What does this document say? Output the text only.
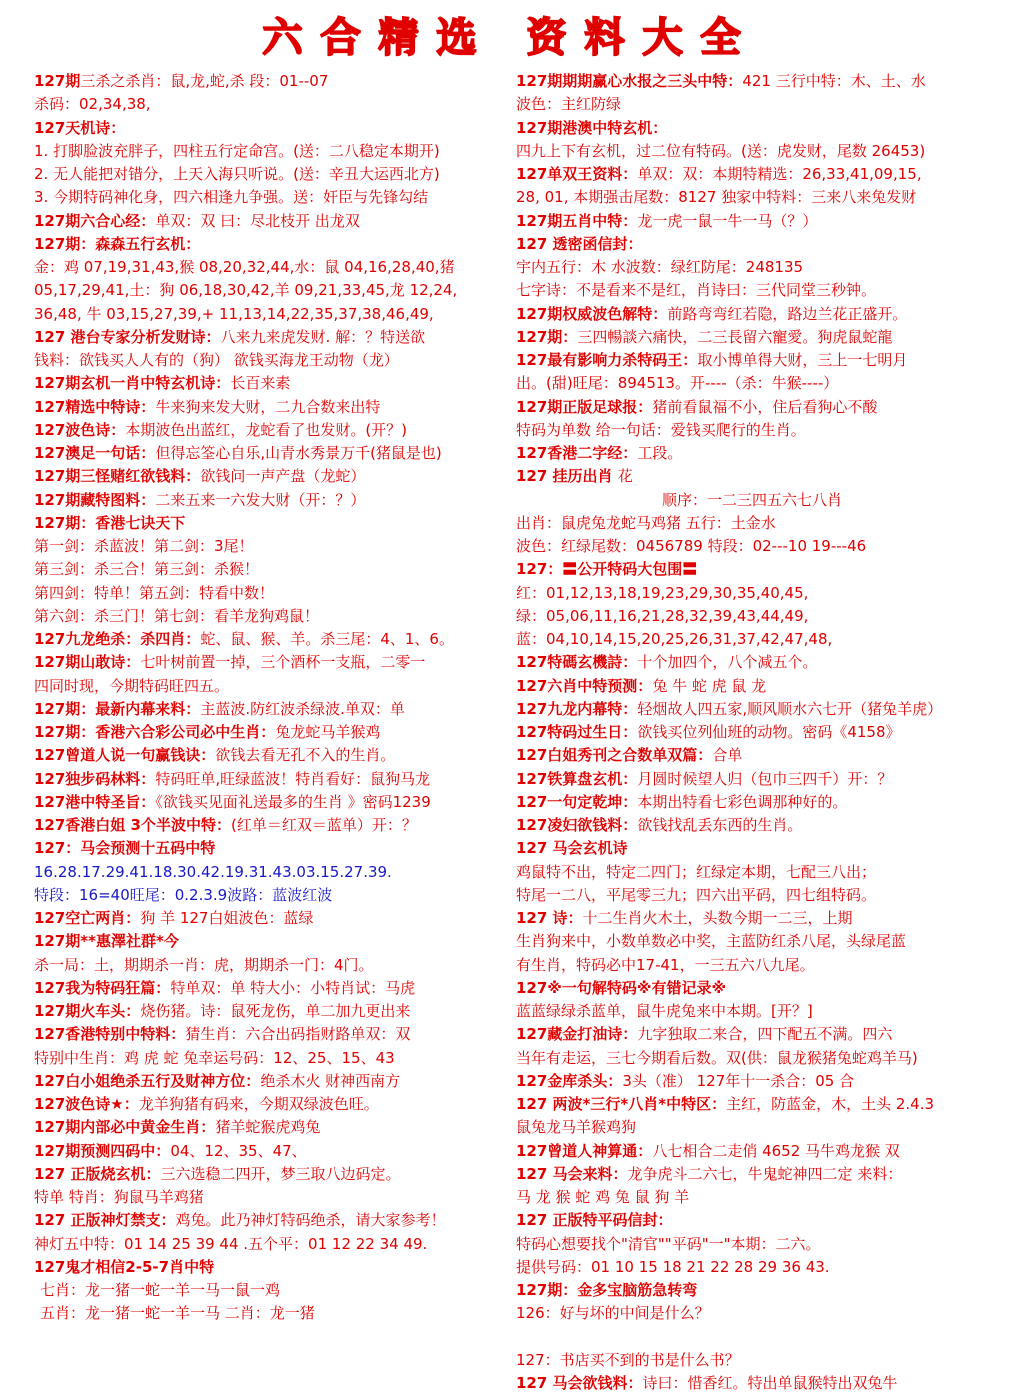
六合精选 资料大全
127期三杀之杀肖：鼠,龙,蛇,杀 段：01--07
杀码：02,34,38,
127天机诗：
1. 打脚脸波充胖子，四柱五行定命宫。(送：二八稳定本期开)
2. 无人能把对错分，上天入海只听说。(送：辛丑大运西北方)
3. 今期特码神化身，四六相逢九争强。送：奸臣与先锋勾结
127期六合心经：单双：双 曰：尽北枝开 出龙双
127期：森森五行玄机：
金：鸡 07,19,31,43,猴 08,20,32,44,水：鼠 04,16,28,40,猪
05,17,29,41,土：狗 06,18,30,42,羊 09,21,33,45,龙 12,24,
36,48, 牛 03,15,27,39,+ 11,13,14,22,35,37,38,46,49,
127 港台专家分析发财诗：八来九来虎发财. 解：？特送欲
钱料：欲钱买人人有的（狗） 欲钱买海龙王动物（龙）
127期玄机一肖中特玄机诗：长百来素
127精选中特诗：牛来狗来发大财，二九合数来出特
127波色诗：本期波色出蓝红，龙蛇看了也发财。(开？)
127澳足一句话：但得忘筌心自乐,山青水秀景万千(猪鼠是也)
127期三怪赌红欲钱料：欲钱问一声产盘（龙蛇）
127期藏特图料：二来五来一六发大财（开：？）
127期：香港七诀天下
第一剑：杀蓝波！第二剑：3尾！
第三剑：杀三合！第三剑：杀猴！
第四剑：特单！第五剑：特看中数！
第六剑：杀三门！第七剑：看羊龙狗鸡鼠！
127九龙绝杀：杀四肖：蛇、鼠、猴、羊。杀三尾：4、1、6。
127期山敢诗：七叶树前置一掉，三个酒杯一支瓶，二零一
四同时现，今期特码旺四五。
127期：最新内幕来料：主蓝波.防红波杀绿波.单双：单
127期：香港六合彩公司必中生肖：兔龙蛇马羊猴鸡
127曾道人说一句赢钱诀：欲钱去看无孔不入的生肖。
127独步码林料：特码旺单,旺绿蓝波！特肖看好：鼠狗马龙
127港中特圣旨：《欲钱买见面礼送最多的生肖 》密码1239
127香港白姐 3个半波中特：(红单＝红双＝蓝单）开：？
127：马会预测十五码中特
16.28.17.29.41.18.30.42.19.31.43.03.15.27.39.
特段：16=40旺尾：0.2.3.9波路：蓝波红波
127空亡两肖：狗 羊 127白姐波色：蓝绿
127期**惠澤社群*今
杀一局：土，期期杀一肖：虎，期期杀一门：4门。
127我为特码狂篇：特单双：单 特大小：小特肖试：马虎
127期火车头：烧伤猪。诗：鼠死龙伤，单二加九更出来
127香港特别中特料：猜生肖：六合出码指财路单双：双
特别中生肖：鸡 虎 蛇 兔幸运号码：12、25、15、43
127白小姐绝杀五行及财神方位：绝杀木火 财神西南方
127波色诗★：龙羊狗猪有码来，今期双绿波色旺。
127期内部必中黄金生肖：猪羊蛇猴虎鸡兔
127期预测四码中：04、12、35、47、
127 正版烧玄机：三六选稳二四开，梦三取八边码定。
特单 特肖：狗鼠马羊鸡猪
127 正版神灯禁支：鸡兔。此乃神灯特码绝杀，请大家参考！
神灯五中特：01 14 25 39 44 .五个平：01 12 22 34 49.
127鬼才相信2-5-7肖中特
七肖：龙一猪一蛇一羊一马一鼠一鸡
五肖：龙一猪一蛇一羊一马 二肖：龙一猪
127期期期赢心水报之三头中特：421 三行中特：木、土、水
波色：主红防绿
127期港澳中特玄机：
四九上下有玄机，过二位有特码。(送：虎发财，尾数 26453)
127单双王资料：单双：双：本期特精选：26,33,41,09,15,
28, 01, 本期强击尾数：8127 独家中特料：三来八来兔发财
127期五肖中特：龙一虎一鼠一牛一马（？）
127 透密函信封：
宇内五行：木 水波数：绿红防尾：248135
七字诗：不是看来不是红，肖诗曰：三代同堂三秒钟。
127期权威波色解特：前路弯弯红若隐，路边兰花正盛开。
127期：三四暢談六痛快，二三長留六寵愛。狗虎鼠蛇龍
127最有影响力杀特码王：取小博单得大财，三上一七明月
出。(甜)旺尾：894513。开----（杀：牛猴----）
127期正版足球报：猪前看鼠福不小，住后看狗心不酸
特码为单数 给一句话：爱钱买爬行的生肖。
127香港二字经：工段。
127 挂历出肖 花
顺序：一二三四五六七八肖
出肖：鼠虎兔龙蛇马鸡猪 五行：土金水
波色：红绿尾数：0456789 特段：02---10 19---46
127：〓公开特码大包围〓
红：01,12,13,18,19,23,29,30,35,40,45,
绿：05,06,11,16,21,28,32,39,43,44,49,
蓝：04,10,14,15,20,25,26,31,37,42,47,48,
127特碼玄機詩：十个加四个，八个减五个。
127六肖中特预测：兔 牛 蛇 虎 鼠 龙
127九龙内幕特：轻烟故人四五家,顺风顺水六七开（猪兔羊虎）
127特码过生日：欲钱买位列仙班的动物。密码《4158》
127白姐秀刊之合数单双篇：合单
127铁算盘玄机：月圆时候望人归（包巾三四千）开：？
127一句定乾坤：本期出特看七彩色调那种好的。
127凌妇欲钱料：欲钱找乱丢东西的生肖。
127 马会玄机诗
鸡鼠特不出，特定二四门；红绿定本期，七配三八出；
特尾一二八，平尾零三九；四六出平码，四七组特码。
127 诗：十二生肖火木土，头数今期一二三，上期
生肖狗来中，小数单数必中奖，主蓝防红杀八尾，头绿尾蓝
有生肖，特码必中17-41，一三五六八九尾。
127※一句解特码※有错记录※
蓝蓝绿绿杀蓝单，鼠牛虎兔来中本期。[开？]
127藏金打油诗：九字独取二来合，四下配五不满。四六
当年有走运，三七今期看后数。双(供：鼠龙猴猪兔蛇鸡羊马)
127金库杀头：3头（准） 127年十一杀合：05 合
127 两波*三行*八肖*中特区：主红，防蓝金，木，土头 2.4.3
鼠兔龙马羊猴鸡狗
127曾道人神算通：八七相合二走俏 4652 马牛鸡龙猴 双
127 马会来料：龙争虎斗二六七，牛鬼蛇神四二定 来料：
马 龙 猴 蛇 鸡 兔 鼠 狗 羊
127 正版特平码信封：
特码心想要找个"清官""平码"一"本期：二六。
提供号码：01 10 15 18 21 22 28 29 36 43.
127期：金多宝脑筋急转弯
126：好与坏的中间是什么？
127：书店买不到的书是什么书？
127 马会欲钱料：诗曰：惜香红。特出单鼠猴特出双兔牛
